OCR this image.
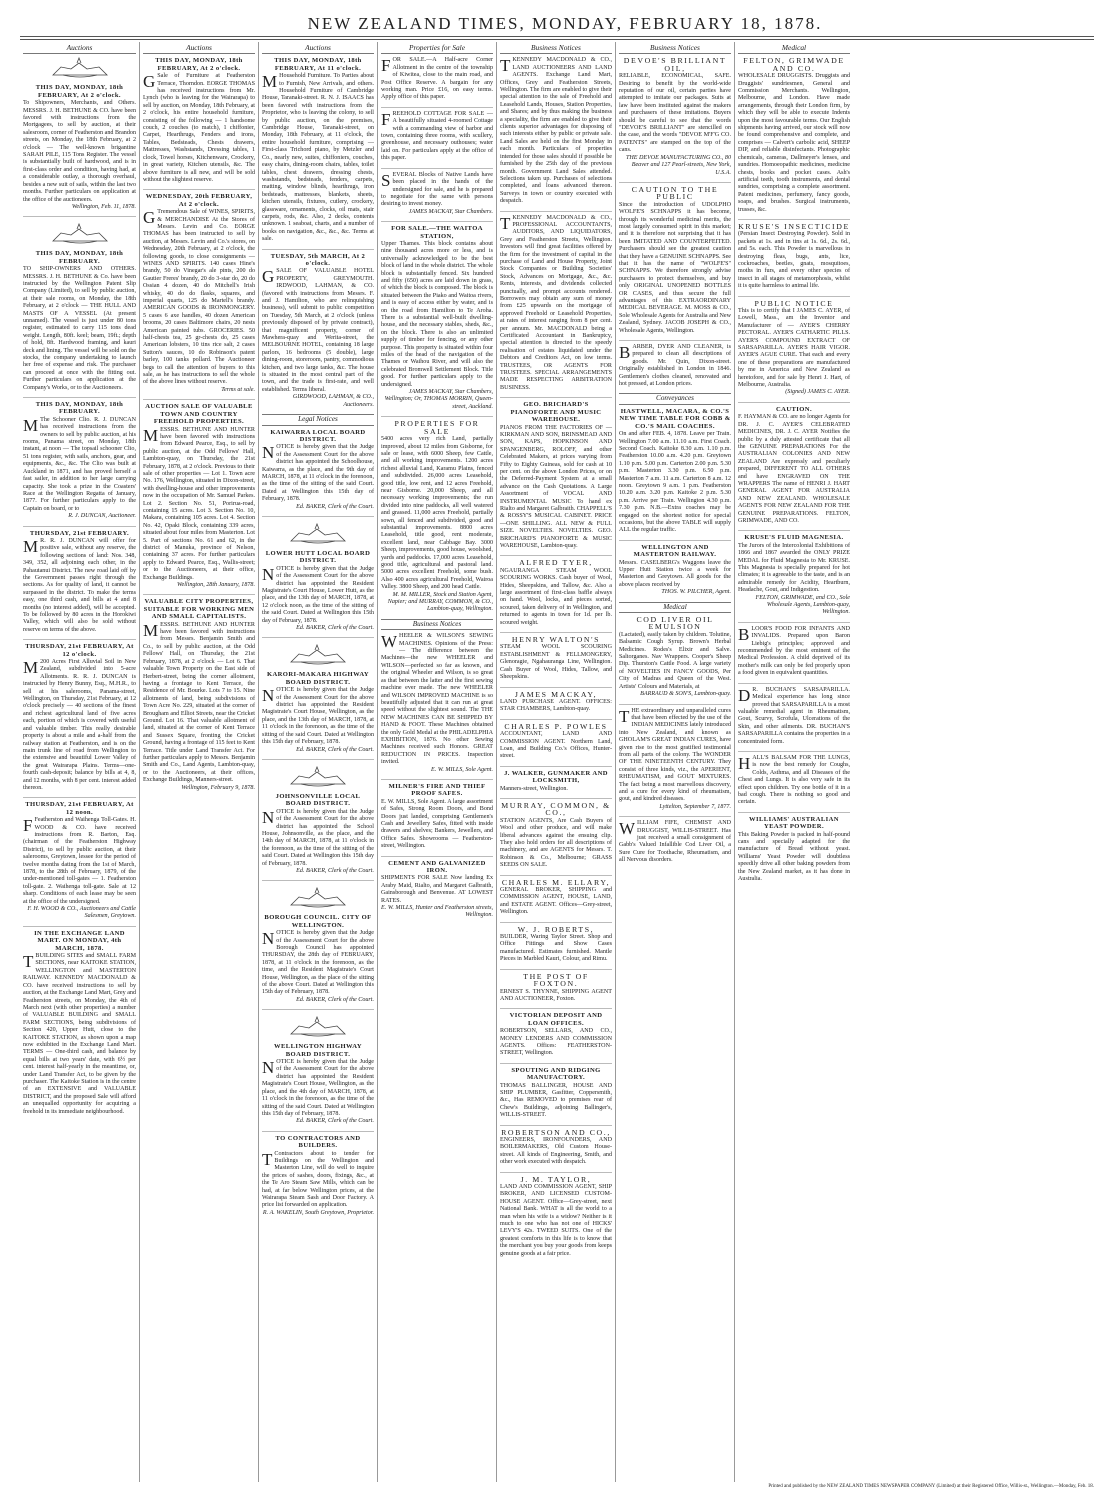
NEW ZEALAND TIMES, MONDAY, FEBRUARY 18, 1878.
Auctions
THIS DAY, MONDAY, 18th FEBRUARY, At 2 o'clock.
To Shipowners, Merchants, and Others. MESSRS. J. H. BETHUNE & CO. have been favored with instructions from the Mortgagees, to sell by auction, at their salesroom, corner of Featherston and Brandon streets, on Monday, the 18th February, at 2 o'clock — The well-known brigantine SARAH PILE, 115 Tons Register. The vessel is substantially built of hardwood, and is in first-class order and condition, having had, at a considerable outlay, a thorough overhaul, besides a new suit of sails, within the last two months. Further particulars on application at the office of the auctioneers.
Wellington, Feb. 11, 1878.
THIS DAY, MONDAY, 18th FEBRUARY.
TO SHIP-OWNERS AND OTHERS. MESSRS. J. H. BETHUNE & Co. have been instructed by the Wellington Patent Slip Company (Limited), to sell by public auction, at their sale rooms, on Monday, the 18th February, at 2 o'clock — THE HULL AND MASTS OF A VESSEL (At present unnamed). The vessel is just under 80 tons register, estimated to carry 115 tons dead weight. Length, 80ft. keel; beam, 19ft.; depth of hold, 8ft. Hardwood framing, and kauri deck and lining. The vessel will be sold on the stocks, the company undertaking to launch her free of expense and risk. The purchaser can proceed at once with the fitting out. Further particulars on application at the Company's Works, or to the Auctioneers.
THIS DAY, MONDAY, 18th FEBRUARY.
M The Schooner Clio. R. J. DUNCAN has received instructions from the owners to sell by public auction, at his rooms, Panama street, on Monday, 18th instant, at noon — The topsail schooner Clio, 51 tons register, with sails, anchors, gear, and equipments, &c., &c. The Clio was built at Auckland in 1871, and has proved herself a fast sailer, in addition to her large carrying capacity. She took a prize in the Coasters' Race at the Wellington Regatta of January, 1877. For further particulars apply to the Captain on board, or to
R. J. DUNCAN, Auctioneer.
THURSDAY, 21st FEBRUARY.
M R. R. J. DUNCAN will offer for positive sale, without any reserve, the following sections of land: Nos. 348, 349, 352, all adjoining each other, in the Pahautanui District. The new road laid off by the Government passes right through the sections. As for quality of land, it cannot be surpassed in the district. To make the terms easy, one third cash, and bills at 4 and 8 months (no interest added), will be accepted. To be followed by 80 acres in the Horokiwi Valley, which will also be sold without reserve on terms of the above.
THURSDAY, 21st FEBRUARY, At 12 o'clock.
M 200 Acres First Alluvial Soil in New Zealand, subdivided into 5-acre Allotments. R. R. J. DUNCAN is instructed by Henry Bunny, Esq., M.H.R., to sell at his salerooms, Panama-street, Wellington, on Thursday, 21st February, at 12 o'clock precisely — 40 sections of the finest and richest agricultural land of five acres each, portion of which is covered with useful and valuable timber. This really desirable property is about a mile and a-half from the railway station at Featherston, and is on the main trunk line of road from Wellington to the extensive and beautiful Lower Valley of the great Wairarapa Plains. Terms—one-fourth cash-deposit; balance by bills at 4, 8, and 12 months, with 8 per cent. interest added thereon.
THURSDAY, 21st FEBRUARY, At 12 noon.
F Featherston and Waihenga Toll-Gates. H. WOOD & CO. have received instructions from R. Barton, Esq. (chairman of the Featherston Highway District), to sell by public auction, at their salerooms, Greytown, lessee for the period of twelve months dating from the 1st of March, 1878, to the 28th of February, 1879, of the under-mentioned toll-gates — 1. Featherston toll-gate. 2. Waihenga toll-gate. Sale at 12 sharp. Conditions of each lease may be seen at the office of the undersigned.
F. H. WOOD & CO., Auctioneers and Cattle Salesmen, Greytown.
IN THE EXCHANGE LAND MART. ON MONDAY, 4th MARCH, 1878.
TBUILDING SITES and SMALL FARM SECTIONS, near KAITOKE STATION, WELLINGTON and MASTERTON RAILWAY. KENNEDY MACDONALD & CO. have received instructions to sell by auction, at the Exchange Land Mart, Grey and Featherston streets, on Monday, the 4th of March next (with other properties) a number of VALUABLE BUILDING and SMALL FARM SECTIONS, being subdivisions of Section 420, Upper Hutt, close to the KAITOKE STATION, as shown upon a map now exhibited in the Exchange Land Mart. TERMS — One-third cash, and balance by equal bills at two years' date, with 6½ per cent. interest half-yearly in the meantime, or, under Land Transfer Act, to be given by the purchaser. The Kaitoke Station is in the centre of an EXTENSIVE and VALUABLE DISTRICT, and the proposed Sale will afford an unequalled opportunity for acquiring a freehold in its immediate neighbourhood.
Auctions
THIS DAY, MONDAY, 18th FEBRUARY, At 2 o'clock.
G Sale of Furniture at Featherston Terrace, Thorndon. EORGE THOMAS has received instructions from Mr. Lynch (who is leaving for the Wairarapa) to sell by auction, on Monday, 18th February, at 2 o'clock, his entire household furniture, consisting of the following — 1 handsome couch, 2 couches (to match), 1 chiffonier, Carpet, Hearthrugs, Fenders and irons, Tables, Bedsteads, Chests drawers, Mattresses, Washstands, Dressing tables, 1 clock, Towel horses, Kitchenware, Crockery, in great variety, Kitchen utensils, &c. The above furniture is all new, and will be sold without the slightest reserve.
WEDNESDAY, 20th FEBRUARY, At 2 o'clock.
G Tremendous Sale of WINES, SPIRITS, & MERCHANDISE At the Stores of Messrs. Levin and Co. EORGE THOMAS has been instructed to sell by auction, at Messrs. Levin and Co.'s stores, on Wednesday, 20th February, at 2 o'clock, the following goods, to close consignments — WINES AND SPIRITS. 140 cases Hine's brandy, 50 do Vinegar's ale pints, 200 do Gautier Freres' brandy, 20 do 3-star do, 20 do Ossian 4 dozen, 40 do Mitchell's Irish whisky, 40 do do flasks, squares, and imperial quarts, 125 do Martell's brandy. AMERICAN GOODS & IRONMONGERY. 5 cases 6 axe handles, 40 dozen American brooms, 20 cases Baltimore chairs, 20 nests American painted tubs. GROCERIES. 50 half-chests tea, 25 gr-chests do, 25 cases American lobsters, 10 tins rice salt, 2 cases Sutton's sauces, 10 do Robinson's patent barley, 100 tanks pollard. The Auctioneer begs to call the attention of buyers to this sale, as he has instructions to sell the whole of the above lines without reserve.
Terms at sale.
AUCTION SALE OF VALUABLE TOWN AND COUNTRY FREEHOLD PROPERTIES.
MESSRS. BETHUNE AND HUNTER have been favored with instructions from Edward Pearce, Esq., to sell by public auction, at the Odd Fellows' Hall, Lambton-quay, on Thursday, the 21st February, 1878, at 2 o'clock. Previous to their sale of other properties — Lot 1. Town acre No. 176, Wellington, situated in Dixon-street, with dwelling-house and other improvements now in the occupation of Mr. Samuel Parkes. Lot 2. Section No. 51, Porirua-road, containing 15 acres. Lot 3. Section No. 10, Makara, containing 105 acres. Lot 4. Section No. 42, Opaki Block, containing 339 acres, situated about four miles from Masterton. Lot 5. Part of sections No. 61 and 62, in the district of Manuka, province of Nelson, containing 37 acres. For further particulars apply to Edward Pearce, Esq., Wallis-street; or to the Auctioneers, at their office, Exchange Buildings.
Wellington, 28th January, 1878.
VALUABLE CITY PROPERTIES, SUITABLE FOR WORKING MEN AND SMALL CAPITALISTS.
MESSRS. BETHUNE AND HUNTER have been favored with instructions from Messrs. Benjamin Smith and Co., to sell by public auction, at the Odd Fellows' Hall, on Thursday, the 21st February, 1878, at 2 o'clock — Lot 6. That valuable Town Property on the East side of Herbert-street, being the corner allotment, having a frontage to Kent Terrace, the Residence of Mr. Bourke. Lots 7 to 15. Nine allotments of land, being subdivisions of Town Acre No. 229, situated at the corner of Brougham and Elliot Streets, near the Cricket Ground. Lot 16. That valuable allotment of land, situated at the corner of Kent Terrace and Sussex Square, fronting the Cricket Ground, having a frontage of 115 feet to Kent Terrace. Title under Land Transfer Act. For further particulars apply to Messrs. Benjamin Smith and Co., Land Agents, Lambton-quay, or to the Auctioneers, at their offices, Exchange Buildings, Manners-street.
Wellington, February 9, 1878.
Auctions
THIS DAY, MONDAY, 18th FEBRUARY, At 11 o'clock.
M Household Furniture. To Parties about to Furnish, New Arrivals, and others. Household Furniture of Cambridge House, Taranaki-street. R. N. J. ISAACS has been favored with instructions from the Proprietor, who is leaving the colony, to sell by public auction, on the premises, Cambridge House, Taranaki-street, on Monday, 18th February, at 11 o'clock, the entire household furniture, comprising — First-class Trichord piano, by Metzler and Co., nearly new, suites, chiffoniers, couches, easy chairs, dining-room chairs, tables, toilet tables, chest drawers, dressing chests, washstands, bedsteads, fenders, carpets, matting, window blinds, hearthrugs, iron bedsteads, mattresses, blankets, sheets, kitchen utensils, fixtures, cutlery, crockery, glassware, ornaments, clocks, oil mats, stair carpets, rods, &c. Also, 2 decks, contents unknown. 1 seaboat, charts, and a number of books on navigation, &c., &c., &c. Terms at sale.
TUESDAY, 5th MARCH, At 2 o'clock.
GSALE OF VALUABLE HOTEL PROPERTY, GREYMOUTH. IRDWOOD, LAHMAN, & CO. (favored with instructions from Messrs. F. and J. Hamilton, who are relinquishing business), will submit to public competition on Tuesday, 5th March, at 2 o'clock (unless previously disposed of by private contract), that magnificent property, corner of Mawhera-quay and Werita-street, the MELBOURNE HOTEL, containing 18 large parlors, 16 bedrooms (5 double), large dining-room, storeroom, pantry, commodious kitchen, and two large tanks, &c. The house is situated in the most central part of the town, and the trade is first-rate, and well established. Terms liberal.
GIRDWOOD, LAHMAN, & CO., Auctioneers.
Legal Notices
KAIWARRA LOCAL BOARD DISTRICT.
NOTICE is hereby given that the Judge of the Assessment Court for the above district has appointed the Schoolhouse, Kaiwarra, as the place, and the 9th day of MARCH, 1878, at 11 o'clock in the forenoon, as the time of the sitting of the said Court. Dated at Wellington this 15th day of February, 1878.
Ed. BAKER, Clerk of the Court.
LOWER HUTT LOCAL BOARD DISTRICT.
NOTICE is hereby given that the Judge of the Assessment Court for the above district has appointed the Resident Magistrate's Court House, Lower Hutt, as the place, and the 13th day of MARCH, 1878, at 12 o'clock noon, as the time of the sitting of the said Court. Dated at Wellington this 15th day of February, 1878.
Ed. BAKER, Clerk of the Court.
KARORI-MAKARA HIGHWAY BOARD DISTRICT.
NOTICE is hereby given that the Judge of the Assessment Court for the above district has appointed the Resident Magistrate's Court House, Wellington, as the place, and the 13th day of MARCH, 1878, at 11 o'clock in the forenoon, as the time of the sitting of the said Court. Dated at Wellington this 15th day of February, 1878.
Ed. BAKER, Clerk of the Court.
JOHNSONVILLE LOCAL BOARD DISTRICT.
NOTICE is hereby given that the Judge of the Assessment Court for the above district has appointed the School House, Johnsonville, as the place, and the 14th day of MARCH, 1878, at 11 o'clock in the forenoon, as the time of the sitting of the said Court. Dated at Wellington this 15th day of February, 1878.
Ed. BAKER, Clerk of the Court.
BOROUGH COUNCIL. CITY OF WELLINGTON.
NOTICE is hereby given that the Judge of the Assessment Court for the above Borough Council has appointed THURSDAY, the 28th day of FEBRUARY, 1878, at 11 o'clock in the forenoon, as the time, and the Resident Magistrate's Court House, Wellington, as the place of the sitting of the above Court. Dated at Wellington this 15th day of February, 1878.
Ed. BAKER, Clerk of the Court.
WELLINGTON HIGHWAY BOARD DISTRICT.
NOTICE is hereby given that the Judge of the Assessment Court for the above district has appointed the Resident Magistrate's Court House, Wellington, as the place, and the 4th day of MARCH, 1878, at 11 o'clock in the forenoon, as the time of the sitting of the said Court. Dated at Wellington this 15th day of February, 1878.
Ed. BAKER, Clerk of the Court.
TO CONTRACTORS AND BUILDERS.
T Contractors about to tender for Buildings on the Wellington and Masterton Line, will do well to inquire the prices of sashes, doors, fixings, &c., at the Te Aro Steam Saw Mills, which can be had, at far below Wellington prices, at the Wairarapa Steam Sash and Door Factory. A price list forwarded on application.
R. A. WAKELIN, South Greytown, Proprietor.
Properties for Sale
FOR SALE.—A Half-acre Corner Allotment in the centre of the township of Kiwitea, close to the main road, and Post Office Reserve. A bargain for any working man. Price £16, on easy terms. Apply office of this paper.
FREEHOLD COTTAGE FOR SALE — A beautifully situated 4-roomed Cottage with a commanding view of harbor and town, containing three rooms, with scullery, greenhouse, and necessary outhouses; water laid on. For particulars apply at the office of this paper.
SEVERAL Blocks of Native Lands have been placed in the hands of the undersigned for sale, and he is prepared to negotiate for the same with persons desiring to invest money.
JAMES MACKAY, Star Chambers.
FOR SALE.—THE WAITOA STATION,
Upper Thames. This block contains about nine thousand acres more or less, and is universally acknowledged to be the best block of land in the whole district. The whole block is substantially fenced. Six hundred and fifty (650) acres are laid down in grass, of which the block is composed. The block is situated between the Piako and Waitoa rivers, and is easy of access either by water, and is on the road from Hamilton to Te Aroha. There is a substantial well-built dwelling-house, and the necessary stables, sheds, &c., on the block. There is also an unlimited supply of timber for fencing, or any other purpose. This property is situated within four miles of the head of the navigation of the Thames or Waihou River, and will also the celebrated Bromwell Settlement Block. Title good. For further particulars apply to the undersigned.
JAMES MACKAY, Star Chambers, Wellington; Or, THOMAS MORRIN, Queen-street, Auckland.
PROPERTIES FOR SALE
5400 acres very rich Land, partially improved, about 12 miles from Gisborne, for sale or lease, with 6000 Sheep, few Cattle, and all working improvements. 1200 acres richest alluvial Land, Karamu Plains, fenced and subdivided. 26,000 acres Leasehold, good title, low rent, and 12 acres Freehold, near Gisborne. 20,000 Sheep, and all necessary working improvements; the run divided into nine paddocks, all well watered and grassed. 11,000 acres Freehold, partially sown, all fenced and subdivided, good and substantial improvements. 8800 acres Leasehold, title good, rent moderate, excellent land, near Cabbage Bay. 3000 Sheep, improvements, good house, woolshed, yards and paddocks. 17,000 acres Leasehold, good title, agricultural and pastoral land. 5000 acres excellent Freehold, some bush. Also 400 acres agricultural Freehold, Wairoa Valley. 3800 Sheep, and 200 head Cattle.
M. M. MILLER, Stock and Station Agent, Napier; and MURRAY, COMMON, & CO., Lambton-quay, Wellington.
Business Notices
WHEELER & WILSON'S SEWING MACHINES. Opinions of the Press:— The difference between the Machines—the new WHEELER and WILSON—perfected so far as known, and the original Wheeler and Wilson, is so great as that between the latter and the first sewing machine ever made. The new WHEELER and WILSON IMPROVED MACHINE is so beautifully adjusted that it can run at great speed without the slightest sound. The THE NEW MACHINES CAN BE SHIPPED BY HAND & FOOT. These Machines obtained the only Gold Medal at the PHILADELPHIA EXHIBITION, 1876. No other Sewing Machines received such Honors. GREAT REDUCTION IN PRICES. Inspection invited.
E. W. MILLS, Sole Agent.
MILNER'S FIRE AND THIEF PROOF SAFES.
E. W. MILLS, Sole Agent. A large assortment of Safes, Strong Room Doors, and Bond Doors just landed, comprising Gentlemen's Cash and Jewellery Safes, fitted with inside drawers and shelves; Bankers, Jewellers, and Office Safes. Showrooms — Featherston-street, Wellington.
CEMENT AND GALVANIZED IRON.
SHIPMENTS FOR SALE Now landing Ex Araby Maid, Rialto, and Margaret Galbraith, Gainsborough and Benvenue. AT LOWEST RATES.
E. W. MILLS, Hunter and Featherston streets, Wellington.
Business Notices
TKENNEDY MACDONALD & CO., LAND AUCTIONEERS AND LAND AGENTS. Exchange Land Mart, Offices, Grey and Featherston Streets, Wellington. The firm are enabled to give their special attention to the sale of Freehold and Leasehold Lands, Houses, Station Properties, and Shares; and by thus making the business a speciality, the firm are enabled to give their clients superior advantages for disposing of such interests either by public or private sale. Land Sales are held on the first Monday in each month. Particulars of properties intended for those sales should if possible be furnished by the 25th day of the previous month. Government Land Sales attended. Selections taken up. Purchases of selections completed, and loans advanced thereon. Surveys in town or country executed with despatch.
TKENNEDY MACDONALD & CO., PROFESSIONAL ACCOUNTANTS, AUDITORS, AND LIQUIDATORS, Grey and Featherston Streets, Wellington. Investors will find great facilities offered by the firm for the investment of capital in the purchase of Land and House Property, Joint Stock Companies or Building Societies' Stock, Advances on Mortgage, &c., &c. Rents, interests, and dividends collected punctually, and prompt accounts rendered. Borrowers may obtain any sum of money from £25 upwards on the mortgage of approved Freehold or Leasehold Properties, at rates of interest ranging from 8 per cent. per annum. Mr. MACDONALD being a Certificated Accountant in Bankruptcy, special attention is directed to the speedy realisation of estates liquidated under the Debtors and Creditors Act, on low terms. TRUSTEES, OR AGENTS FOR TRUSTEES. SPECIAL ARRANGEMENTS MADE RESPECTING ARBITRATION BUSINESS.
GEO. BRICHARD'S PIANOFORTE AND MUSIC WAREHOUSE.
PIANOS FROM THE FACTORIES OF — KIRKMAN AND SON, BRINSMEAD AND SON, KAPS, HOPKINSON AND SPANGENBERG, ROLOFF, and other Celebrated Makers, at prices varying from Fifty to Eighty Guineas, sold for cash at 10 per cent. on the above London Prices, or on the Deferred-Payment System at a small advance on the Cash Quotations. A Large Assortment of VOCAL AND INSTRUMENTAL MUSIC To hand ex Rialto and Margaret Galbraith. CHAPPELL'S & ROSSY'S MUSICAL CABINET. PRICE—ONE SHILLING. ALL NEW & FULL SIZE. NOVELTIES. NOVELTIES. GEO. BRICHARD'S PIANOFORTE & MUSIC WAREHOUSE, Lambton-quay.
ALFRED TYER,
NGAURANGA STEAM WOOL SCOURING WORKS. Cash buyer of Wool, Hides, Sheepskins, and Tallow, &c. Also a large assortment of first-class baffle always on hand. Wool, locks, and pieces sorted, scoured, taken delivery of in Wellington, and returned to agents in town for 1d. per lb. scoured weight.
HENRY WALTON'S
STEAM WOOL SCOURING ESTABLISHMENT & FELLMONGERY, Glenoragie, Ngahauranga Line, Wellington. Cash Buyer of Wool, Hides, Tallow, and Sheepskins.
JAMES MACKAY,
LAND PURCHASE AGENT. OFFICES: STAR CHAMBERS, Lambton-quay.
CHARLES P. POWLES
ACCOUNTANT, LAND AND COMMISSION AGENT. Northern Land, Loan, and Building Co.'s Offices, Hunter-street.
J. WALKER, GUNMAKER AND LOCKSMITH,
Manners-street, Wellington.
MURRAY, COMMON, & CO.,
STATION AGENTS, Are Cash Buyers of Wool and other produce, and will make liberal advances against the ensuing clip. They also hold orders for all descriptions of machinery, and are AGENTS for Messrs. T. Robinson & Co., Melbourne; GRASS SEEDS ON SALE.
CHARLES M. ELLARY,
GENERAL BROKER, SHIPPING and COMMISSION AGENT, HOUSE, LAND, and ESTATE AGENT. Offices—Grey-street, Wellington.
W. J. ROBERTS,
BUILDER, Waring Taylor Street. Shop and Office Fittings and Show Cases manufactured. Estimates furnished. Mantle Pieces in Marbled Kauri, Colour, and Rimu.
THE POST OF FOXTON.
ERNEST S. THYNNE, SHIPPING AGENT AND AUCTIONEER, Foxton.
VICTORIAN DEPOSIT AND LOAN OFFICES.
ROBERTSON, SELLARS, AND CO., MONEY LENDERS AND COMMISSION AGENTS. Offices: FEATHERSTON-STREET, Wellington.
SPOUTING AND RIDGING MANUFACTORY.
THOMAS BALLINGER, HOUSE AND SHIP PLUMBER, Gasfitter, Coppersmith, &c., Has REMOVED to premises rear of Chew's Buildings, adjoining Ballinger's, WILLIS-STREET.
ROBERTSON AND CO.,
ENGINEERS, IRONFOUNDERS, AND BOILERMAKERS, Old Custom House-street. All kinds of Engineering, Smith, and other work executed with despatch.
J. M. TAYLOR,
LAND AND COMMISSION AGENT, SHIP BROKER, AND LICENSED CUSTOM-HOUSE AGENT. Office—Grey-street, next National Bank. WHAT is all the world to a man when his wife is a widow? Neither is it much to one who has not one of HICKS' LEVY'S 42s. TWEED SUITS. One of the greatest comforts in this life is to know that the merchant you buy your goods from keeps genuine goods at a fair price.
Business Notices
DEVOE'S BRILLIANT OIL,
RELIABLE, ECONOMICAL, SAFE. Desiring to benefit by the world-wide reputation of our oil, certain parties have attempted to imitate our packages. Suits at law have been instituted against the makers and purchasers of these imitations. Buyers should be careful to see that the words "DEVOE'S BRILLIANT" are stencilled on the case, and the words "DEVOE M'F'G CO. PATENTS" are stamped on the top of the cans.
THE DEVOE MANUFACTURING CO., 80 Beaver and 127 Pearl-streets, New York, U.S.A.
CAUTION TO THE PUBLIC
Since the introduction of UDOLPHO WOLFE'S SCHNAPPS it has become, through its wonderful medicinal merits, the most largely consumed spirit in this market; and it is therefore not surprising that it has been IMITATED AND COUNTERFEITED. Purchasers should see the greatest caution that they have a GENUINE SCHNAPPS. See that it has the name of "WOLFE'S" SCHNAPPS. We therefore strongly advise purchasers to protect themselves, and buy only ORIGINAL UNOPENED BOTTLES OR CASES, and thus secure the full advantages of this EXTRAORDINARY MEDICAL BEVERAGE. M. MOSS & CO., Sole Wholesale Agents for Australia and New Zealand, Sydney. JACOB JOSEPH & CO., Wholesale Agents, Wellington.
BARBER, DYER AND CLEANER, is prepared to clean all descriptions of goods. Mr. Quin, Dixon-street. Originally established in London in 1846. Gentlemen's clothes cleaned, renovated and hot pressed, at London prices.
Conveyances
HASTWELL, MACARA, & CO.'S NEW TIME TABLE FOR COBB & CO.'S MAIL COACHES.
On and after FEB. 4, 1878. Leave per Train. Wellington 7.00 a.m. 11.10 a.m. First Coach. Second Coach. Kaitoke 8.30 a.m. 1.10 p.m. Featherston 10.00 a.m. 4.20 p.m. Greytown 1.10 p.m. 5.00 p.m. Carterton 2.00 p.m. 5.30 p.m. Masterton 3.30 p.m. 6.50 p.m. Masterton 7 a.m. 11 a.m. Carterton 8 a.m. 12 noon. Greytown 9 a.m. 1 p.m. Featherston 10.20 a.m. 3.20 p.m. Kaitoke 2 p.m. 5.30 p.m. Arrive per Train. Wellington 4.30 p.m. 7.30 p.m. N.B.—Extra coaches may be engaged on the shortest notice for special occasions, but the above TABLE will supply ALL the regular traffic.
WELLINGTON AND MASTERTON RAILWAY.
Messrs. CASELBERG's Waggons leave the Upper Hutt Station twice a week for Masterton and Greytown. All goods for the above places received by
THOS. W. PILCHER, Agent.
Medical
COD LIVER OIL EMULSION
(Lactated), easily taken by children. Tolutine, Balsamic Cough Syrup. Brown's Herbal Medicines. Rodes's Elixir and Salve. Saltorganes. Nav Wrappers. Cooper's Sheep Dip. Thurston's Cattle Food. A large variety of NOVELTIES IN FANCY GOODS, Per City of Madras and Queen of the West. Artists' Colours and Materials, at
BARRAUD & SON'S, Lambton-quay.
THE extraordinary and unparalleled cures that have been effected by the use of the INDIAN MEDICINES lately introduced into New Zealand, and known as GHOLAM'S GREAT INDIAN CURES, have given rise to the most gratified testimonial from all parts of the colony. The WONDER OF THE NINETEENTH CENTURY. They consist of three kinds, viz., the APERIENT, RHEUMATISM, and GOUT MIXTURES. The fact being a most marvellous discovery, and a cure for every kind of rheumatism, gout, and kindred diseases.
Lyttelton, September 7, 1877.
WILLIAM FIFE, CHEMIST AND DRUGGIST, WILLIS-STREET. Has just received a small consignment of Gabb's Valued Infallible Cod Liver Oil, a Sure Cure for Toothache, Rheumatism, and all Nervous disorders.
Medical
FELTON, GRIMWADE AND CO.
WHOLESALE DRUGGISTS. Druggists and Druggists' sundriesmen, General and Commission Merchants. Wellington, Melbourne, and London. Have made arrangements, through their London firm, by which they will be able to execute Indents upon the most favourable terms. Our English shipments having arrived, our stock will now be found comprehensive and complete, and comprises — Calvert's carbolic acid, SHEEP DIP, and reliable disinfectants. Photographic chemicals, cameras, Dallmeyer's lenses, and sundries. Homoeopathic medicines, medicine chests, books and pocket cases. Ash's artificial teeth, tooth instruments, and dental sundries, comprising a complete assortment. Patent medicines, perfumery, fancy goods, soaps, and brushes. Surgical instruments, trusses, &c.
KRUSE'S INSECTICIDE
(Persian Insect Destroying Powder). Sold in packets at 1s. and in tins at 1s. 6d., 2s. 6d., and 5s. each. This Powder is marvellous in destroying fleas, bugs, ants, lice, cockroaches, beetles, gnats, mosquitoes, moths in furs, and every other species of insect in all stages of metamorphosis, whilst it is quite harmless to animal life.
PUBLIC NOTICE
This is to certify that I JAMES C. AYER, of Lowell, Mass., am the Inventor and Manufacturer of — AYER'S CHERRY PECTORAL. AYER'S CATHARTIC PILLS. AYER'S COMPOUND EXTRACT OF SARSAPARILLA. AYER'S HAIR VIGOR. AYER'S AGUE CURE. That each and every one of these preparations are manufactured by me in America and New Zealand as heretofore, and for sale by Henri J. Hart, of Melbourne, Australia.
(Signed) JAMES C. AYER.
CAUTION.
F. HAYMAN & CO. are no longer Agents for DR. J. C. AYER'S CELEBRATED MEDICINES, DR. J. C. AYER Notifies the public by a duly attested certificate that all the GENUINE PREPARATIONS For the AUSTRALIAN COLONIES AND NEW ZEALAND Are expressly and peculiarly prepared, DIFFERENT TO ALL OTHERS and have ENGRAVED ON THE WRAPPERS The name of HENRI J. HART GENERAL AGENT FOR AUSTRALIA AND NEW ZEALAND. WHOLESALE AGENTS FOR NEW ZEALAND FOR THE GENUINE PREPARATIONS. FELTON, GRIMWADE, AND CO.
KRUSE'S FLUID MAGNESIA.
The Jurors of the Intercolonial Exhibitions of 1866 and 1867 awarded the ONLY PRIZE MEDAL for Fluid Magnesia to Mr. KRUSE. This Magnesia is specially prepared for hot climates; it is agreeable to the taste, and is an admirable remedy for Acidity, Heartburn, Headache, Gout, and Indigestion.
FELTON, GRIMWADE, and CO., Sole Wholesale Agents, Lambton-quay, Wellington.
BLOOR'S FOOD FOR INFANTS AND INVALIDS. Prepared upon Baron Liebig's principles; approved and recommended by the most eminent of the Medical Profession. A child deprived of its mother's milk can only be fed properly upon a food given in equivalent quantities.
D R. BUCHAN'S SARSAPARILLA. Medical experience has long since proved that SARSAPARILLA is a most valuable remedial agent in Rheumatism, Gout, Scurvy, Scrofula, Ulcerations of the Skin, and other ailments. DR. BUCHAN'S SARSAPARILLA contains the properties in a concentrated form.
HALL'S BALSAM FOR THE LUNGS, is now the best remedy for Coughs, Colds, Asthma, and all Diseases of the Chest and Lungs. It is also very safe in its effect upon children. Try one bottle of it in a bad cough. There is nothing so good and certain.
WILLIAMS' AUSTRALIAN YEAST POWDER.
This Baking Powder is packed in half-pound cans and specially adapted for the manufacture of Bread without yeast. Williams' Yeast Powder will doubtless speedily drive all other baking powders from the New Zealand market, as it has done in Australia.
Printed and published by the NEW ZEALAND TIMES NEWSPAPER COMPANY (Limited) at their Registered Office, Willis-st., Wellington.—Monday, Feb. 18.
